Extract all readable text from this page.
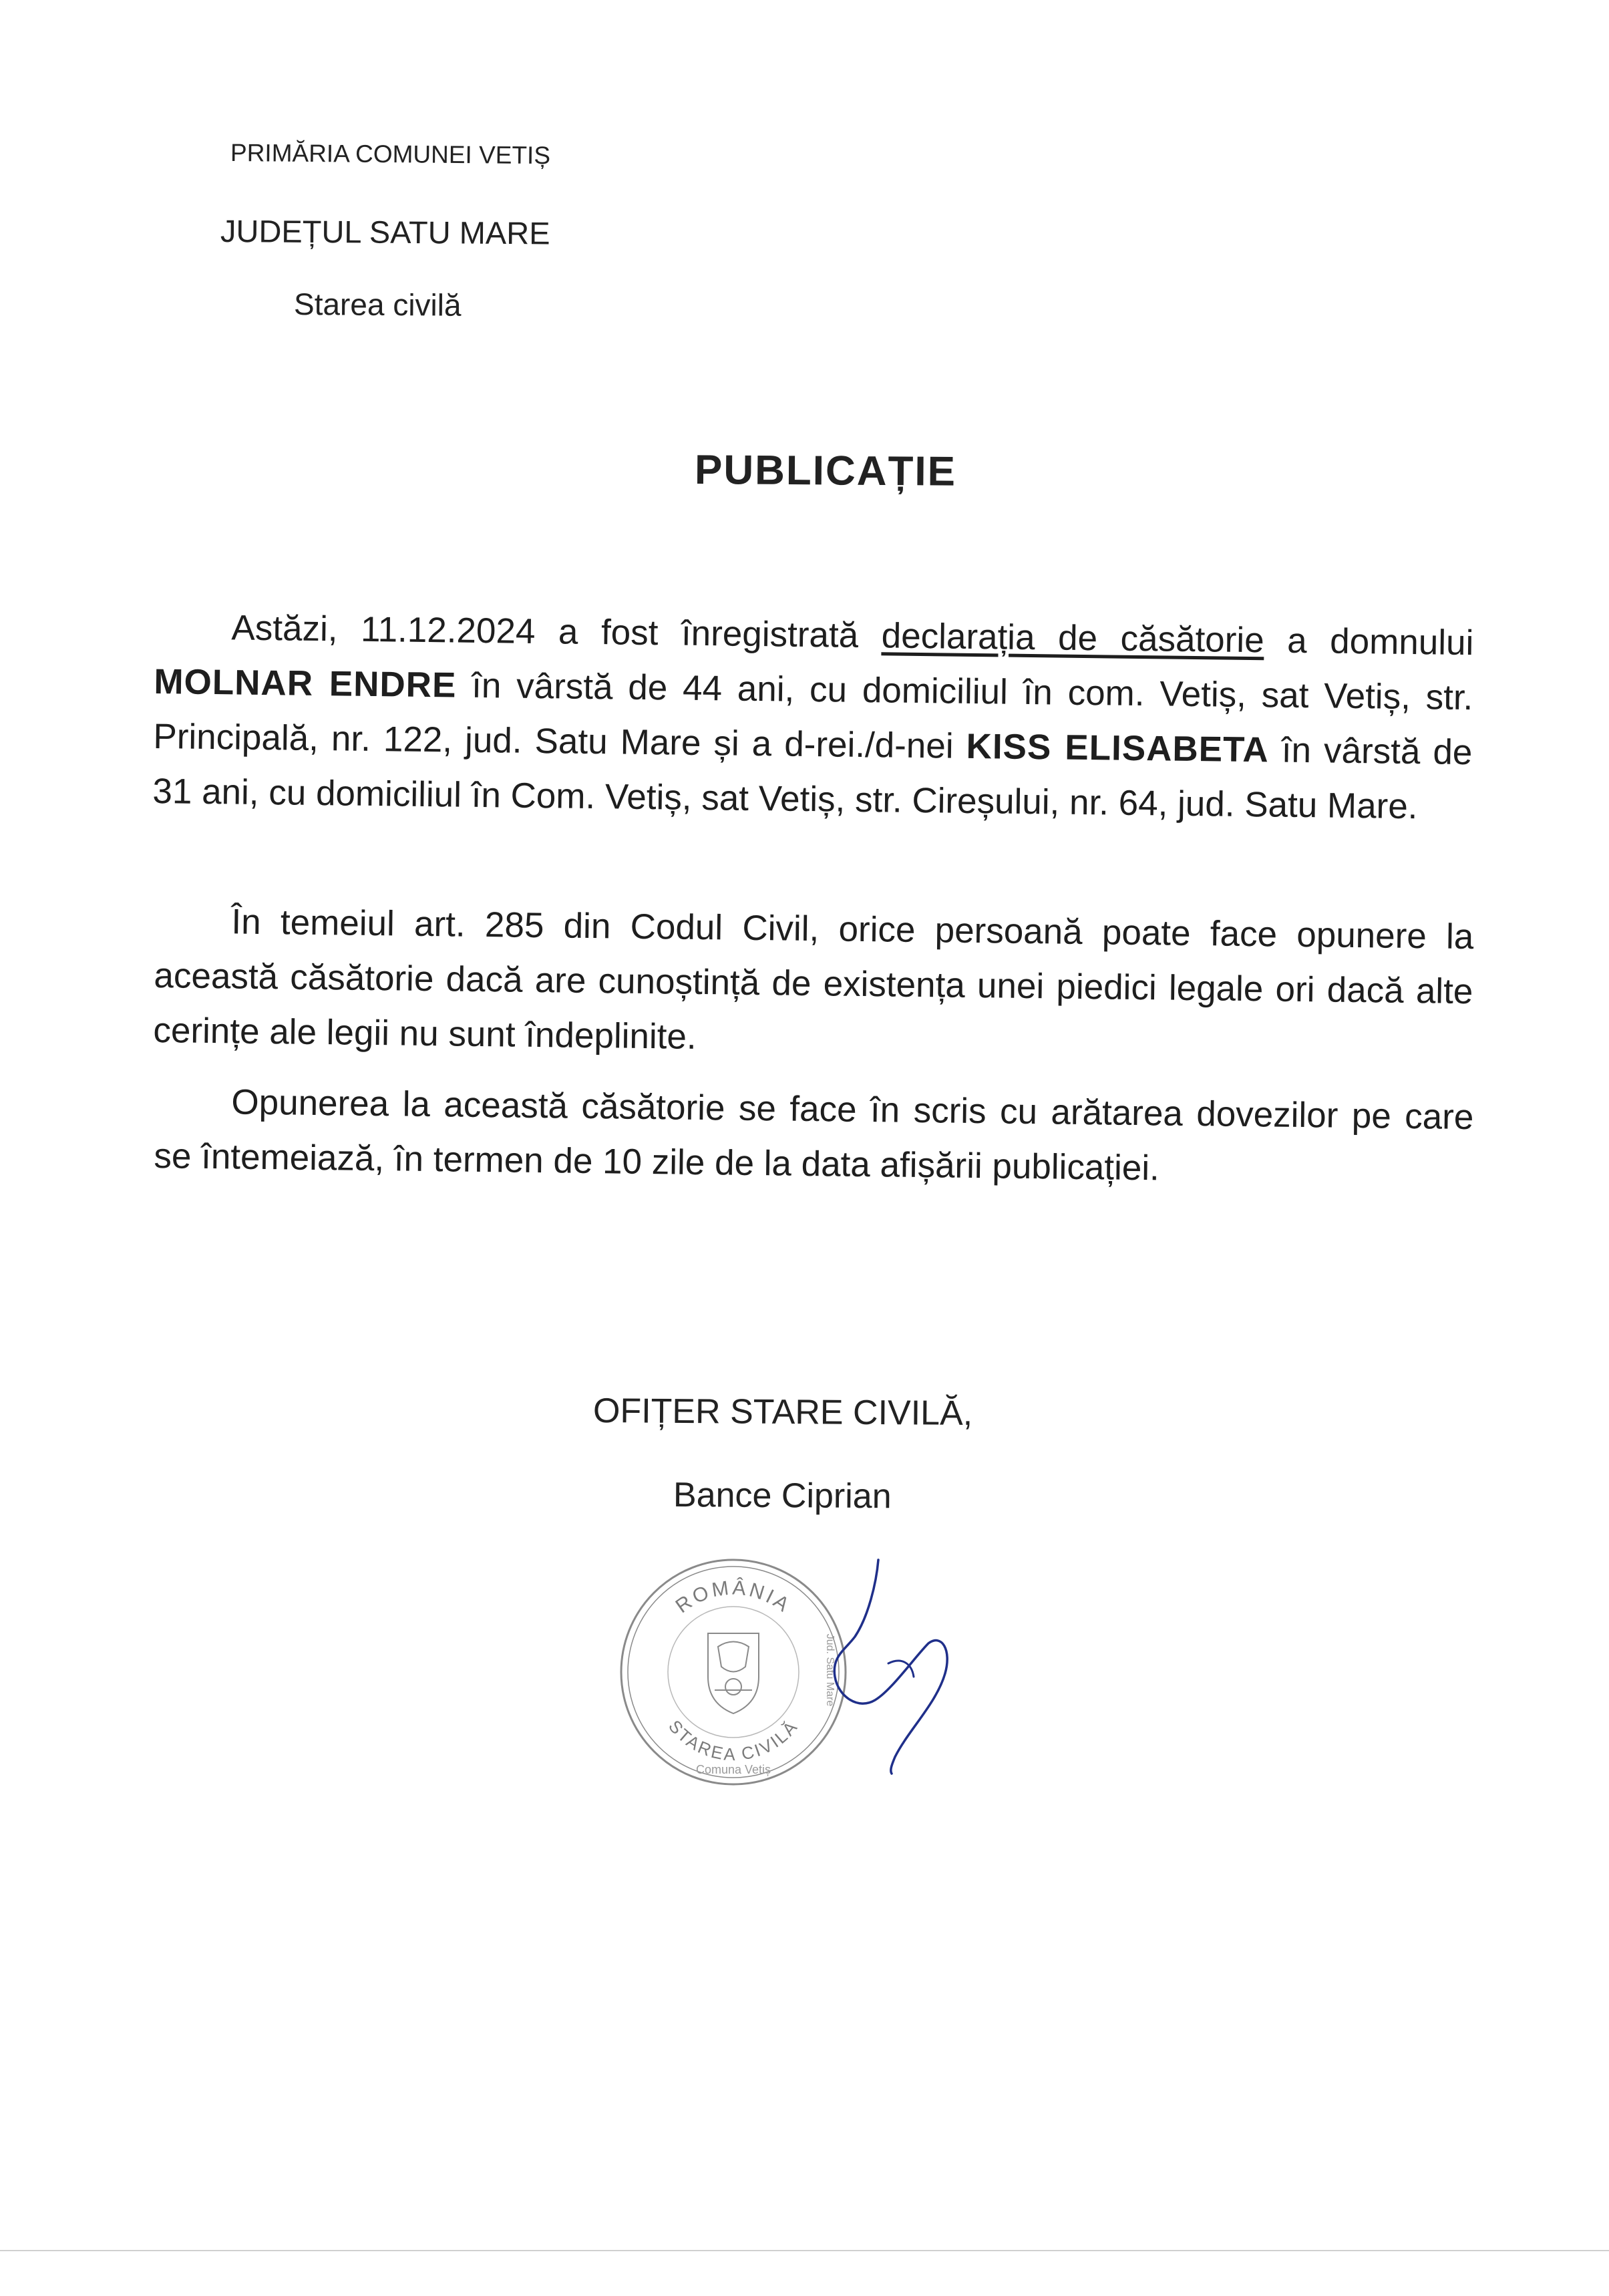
PRIMĂRIA COMUNEI VETIȘ
JUDEȚUL SATU MARE
Starea civilă
PUBLICAȚIE
Astăzi, 11.12.2024 a fost înregistrată declarația de căsătorie a domnului MOLNAR ENDRE în vârstă de 44 ani, cu domiciliul în com. Vetiș, sat Vetiș, str. Principală, nr. 122, jud. Satu Mare și a d-rei./d-nei KISS ELISABETA în vârstă de 31 ani, cu domiciliul în Com. Vetiș, sat Vetiș, str. Cireșului, nr. 64, jud. Satu Mare.
În temeiul art. 285 din Codul Civil, orice persoană poate face opunere la această căsătorie dacă are cunoștință de existența unei piedici legale ori dacă alte cerințe ale legii nu sunt îndeplinite.
Opunerea la această căsătorie se face în scris cu arătarea dovezilor pe care se întemeiază, în termen de 10 zile de la data afișării publicației.
OFIȚER STARE CIVILĂ,
Bance Ciprian
ROMÂNIA
STAREA CIVILĂ
Comuna Vetiș
Jud. Satu Mare
